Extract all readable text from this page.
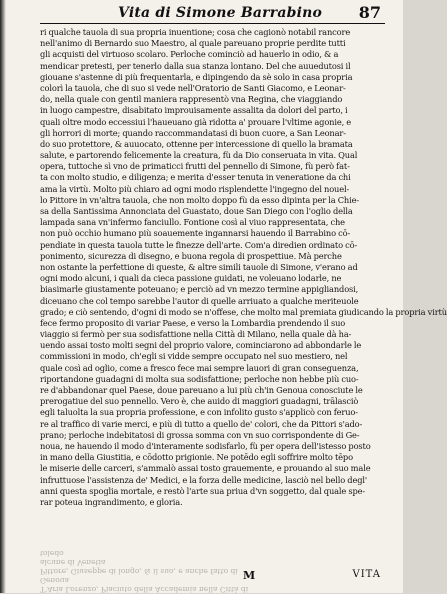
Vita di Simone Barrabino 87
ri qualche tauola di sua propria inuentione; cosa che cagionò notabil rancore
nell'animo di Bernardo suo Maestro, al quale pareuano proprie perdite tutti
gli acquisti del virtuoso scolaro. Perloche cominciò ad hauerlo in odio, & a
mendicar pretesti, per tenerlo dalla sua stanza lontano. Del che auuedutosi il
giouane s'astenne di più frequentarla, e dipingendo da sè solo in casa propria
colorì la tauola, che di suo si vede nell'Oratorio de Santi Giacomo, e Leonar-
do, nella quale con gentil maniera rappresentò vna Regina, che viaggiando
in luogo campestre, disabitato improuisamente assalita da dolori del parto, i
quali oltre modo eccessiui l'haueuano già ridotta a' prouare l'vltime agonie, e
gli horrori di morte; quando raccommandatasi di buon cuore, a San Leonar-
do suo protettore, & auuocato, ottenne per intercessione di quello la bramata
salute, e partorendo felicemente la creatura, fù da Dio conseruata in vita. Qual
opera, tuttoche sì vno de primaticci frutti del pennello di Simone, fù però fat-
ta con molto studio, e diligenza; e merita d'esser tenuta in veneratione da chi
ama la virtù. Molto più chiaro ad ogni modo risplendette l'ingegno del nouel-
lo Pittore in vn'altra tauola, che non molto doppo fù da esso dipinta per la Chie-
sa della Santissima Annonciata del Guastato, doue San Diego con l'oglio della
lampada sana vn'infermo fanciullo. Fontione così al viuo rappresentata, che
non può occhio humano più soauemente ingannarsi hauendo il Barrabino cō-
pendiate in questa tauola tutte le finezze dell'arte. Com'a diredien ordinato cō-
ponimento, sicurezza di disegno, e buona regola di prospettiue. Mà perche
non ostante la perfettione di queste, & altre simili tauole di Simone, v'erano ad
ogni modo alcuni, i quali da cieca passione guidati, ne voleuano lodarle, ne
biasimarle giustamente poteuano; e perciò ad vn mezzo termine appigliandosi,
diceuano che col tempo sarebbe l'autor di quelle arriuato a qualche meriteuole
grado; e ciò sentendo, d'ogni di modo se n'offese, che molto mal premiata giudicando la propria virtù
fece fermo proposito di variar Paese, e verso la Lombardia prendendo il suo
viaggio si fermò per sua sodisfattione nella Città di Milano, nella quale dà ha-
uendo assai tosto molti segni del proprio valore, cominciarono ad abbondarle le
commissioni in modo, ch'egli si vidde sempre occupato nel suo mestiero, nel
quale così ad oglio, come a fresco fece mai sempre lauori di gran conseguenza,
riportandone guadagni di molta sua sodisfattione; perloche non hebbe più cuo-
re d'abbandonar quel Paese, doue pareuano a lui più ch'in Genoua conosciute le
prerogatiue del suo pennello. Vero è, che auido di maggiori guadagni, trālasciò
egli taluolta la sua propria professione, e con infolito gusto s'applicò con feruo-
re al traffico di varie merci, e più di tutto a quello de' colori, che da Pittori s'ado-
prano; perloche indebitatosi di grossa somma con vn suo corrispondente di Ge-
noua, ne hauendo il modo d'interamente sodisfarlo, fù per opera dell'istesso posto
in mano della Giustitia, e cōdotto prigionie. Ne potēdo egli soffrire molto tēpo
le miserie delle carceri, s'ammalò assai tosto grauemente, e prouando al suo male
infruttuose l'assistenza de' Medici, e la forza delle medicine, lasciò nel bello degl'
anni questa spoglia mortale, e restò l'arte sua priua d'vn soggetto, dal quale spe-
rar poteua ingrandimento, e gloria.
T'Aria Lorenzo, Piaciuto della Accademia nella Città di Genoua
Pittore, Giuseppe di longo, & il suo, e anche fatto di alcune di Venetia
toledo
M	VITA
